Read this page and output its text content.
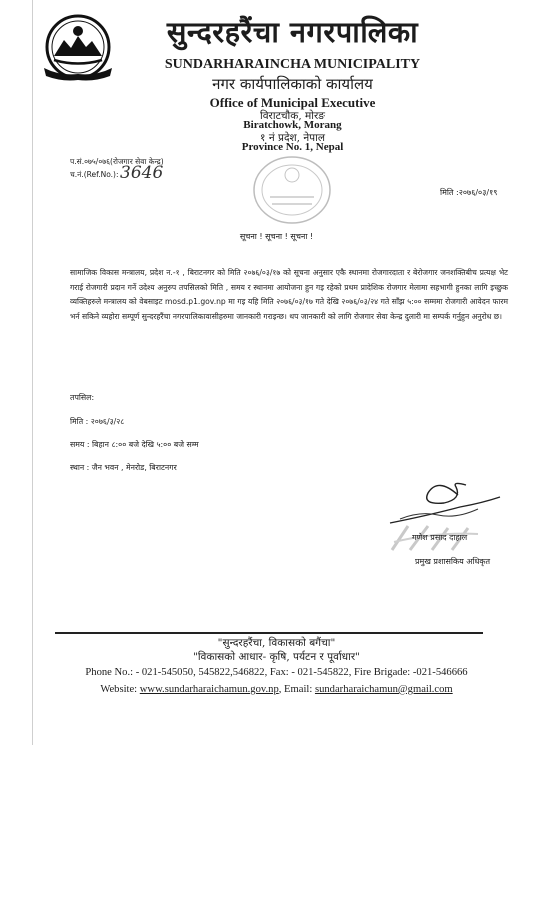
सुन्दरहरैंचा नगरपालिका
SUNDARHARAINCHA MUNICIPALITY
नगर कार्यपालिकाको कार्यालय
Office of Municipal Executive
विराटचौक, मोरङ
Biratchowk, Morang
१ नं प्रदेश, नेपाल
Province No. 1, Nepal
प.सं.०७५/०७६(रोजगार सेवा केन्द्र)
च.नं.(Ref.No.): 3646
मिति :२०७६/०३/१९
सूचना ! सूचना ! सूचना !
सामाजिक विकास मन्त्रालय, प्रदेश न.-१ , बिराटनगर को मिति २०७६/०३/१७ को सूचना अनुसार एकै स्थानमा रोजगारदाता र बेरोजगार जनशक्तिबीच प्रत्यक्ष भेट गराई रोजगारी प्रदान गर्ने उदेश्य अनुरुप तपसिलको मिति , समय र स्थानमा आयोजना हुन गइ रहेको प्रथम प्रादेशिक रोजगार मेलामा सहभागी हुनका लागि इच्छुक व्यक्तिहरुले मन्त्रालय को वेबसाइट mosd.p1.gov.np मा गइ यहि मिति २०७६/०३/१७ गते देखि २०७६/०३/२४ गते साँझ ५:०० सम्ममा रोजगारी आवेदन फारम भर्न सकिने व्यहोरा सम्पूर्ण सुन्दरहरैंचा नगरपालिकावासीहरुमा जानकारी गराइन्छ। थप जानकारी को लागि रोजगार सेवा केन्द्र दुलारी मा सम्पर्क गर्नुहुन अनुरोध छ।
तपसिल:
मिति : २०७६/३/२८
समय : बिहान ८:०० बजे देखि ५:०० बजे सम्म
स्थान : जैन भवन , मेनरोड, बिराटनगर
गणेश प्रसाद दाहाल
प्रमुख प्रशासकिय अधिकृत
"सुन्दरहरैंचा, विकासको बगैंचा"
"विकासको आधार- कृषि, पर्यटन र पूर्वाधार"
Phone No.: - 021-545050, 545822,546822, Fax: - 021-545822, Fire Brigade: -021-546666
Website: www.sundarharaichamun.gov.np, Email: sundarharaichamun@gmail.com
